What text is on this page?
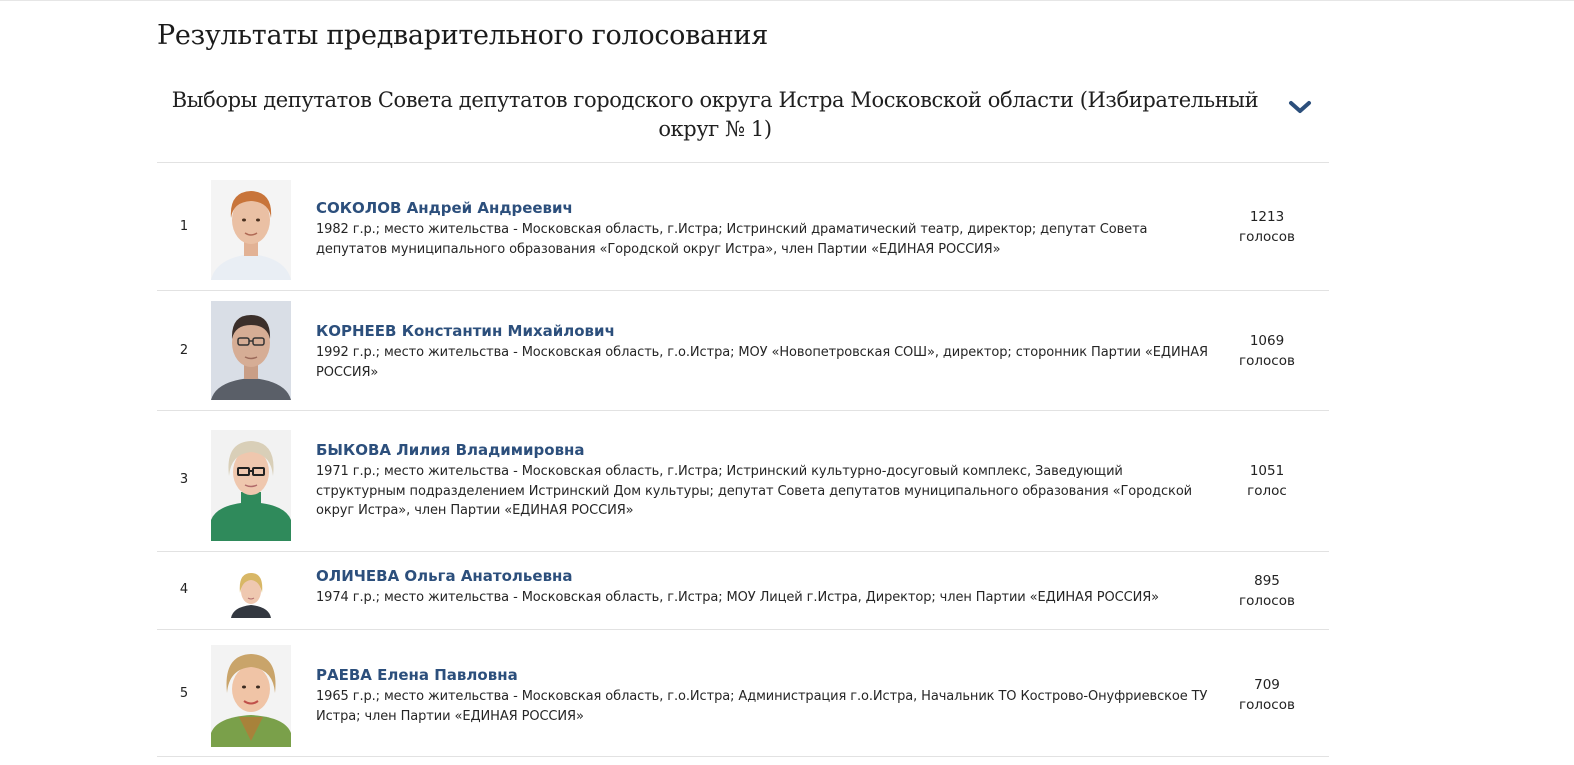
Результаты предварительного голосования
Выборы депутатов Совета депутатов городского округа Истра Московской области (Избирательный округ № 1)
1
СОКОЛОВ Андрей Андреевич
1982 г.р.; место жительства - Московская область, г.Истра; Истринский драматический театр, директор; депутат Совета депутатов муниципального образования «Городской округ Истра», член Партии «ЕДИНАЯ РОССИЯ»
1213
голосов
2
КОРНЕЕВ Константин Михайлович
1992 г.р.; место жительства - Московская область, г.о.Истра; МОУ «Новопетровская СОШ», директор; сторонник Партии «ЕДИНАЯ РОССИЯ»
1069
голосов
3
БЫКОВА Лилия Владимировна
1971 г.р.; место жительства - Московская область, г.Истра; Истринский культурно-досуговый комплекс, Заведующий структурным подразделением Истринский Дом культуры; депутат Совета депутатов муниципального образования «Городской округ Истра», член Партии «ЕДИНАЯ РОССИЯ»
1051
голос
4
ОЛИЧЕВА Ольга Анатольевна
1974 г.р.; место жительства - Московская область, г.Истра; МОУ Лицей г.Истра, Директор; член Партии «ЕДИНАЯ РОССИЯ»
895
голосов
5
РАЕВА Елена Павловна
1965 г.р.; место жительства - Московская область, г.о.Истра; Администрация г.о.Истра, Начальник ТО Кострово-Онуфриевское ТУ Истра; член Партии «ЕДИНАЯ РОССИЯ»
709
голосов
